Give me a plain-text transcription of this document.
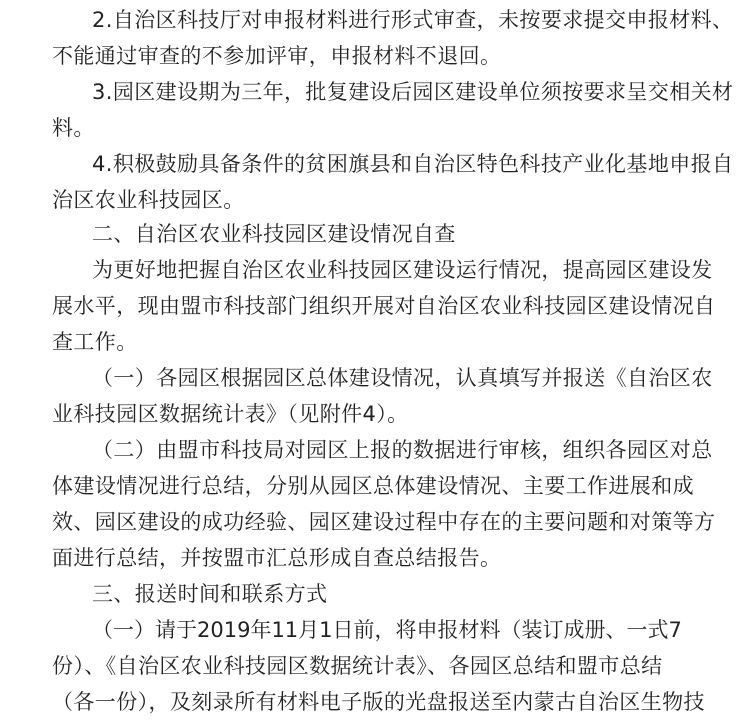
2.自治区科技厅对申报材料进行形式审查，未按要求提交申报材料、
不能通过审查的不参加评审，申报材料不退回。
3.园区建设期为三年，批复建设后园区建设单位须按要求呈交相关材
料。
4.积极鼓励具备条件的贫困旗县和自治区特色科技产业化基地申报自
治区农业科技园区。
二、自治区农业科技园区建设情况自查
为更好地把握自治区农业科技园区建设运行情况，提高园区建设发
展水平，现由盟市科技部门组织开展对自治区农业科技园区建设情况自
查工作。
（一）各园区根据园区总体建设情况，认真填写并报送《自治区农
业科技园区数据统计表》（见附件4）。
（二）由盟市科技局对园区上报的数据进行审核，组织各园区对总
体建设情况进行总结，分别从园区总体建设情况、主要工作进展和成
效、园区建设的成功经验、园区建设过程中存在的主要问题和对策等方
面进行总结，并按盟市汇总形成自查总结报告。
三、报送时间和联系方式
（一）请于2019年11月1日前，将申报材料（装订成册、一式7
份）、《自治区农业科技园区数据统计表》、各园区总结和盟市总结
（各一份），及刻录所有材料电子版的光盘报送至内蒙古自治区生物技
